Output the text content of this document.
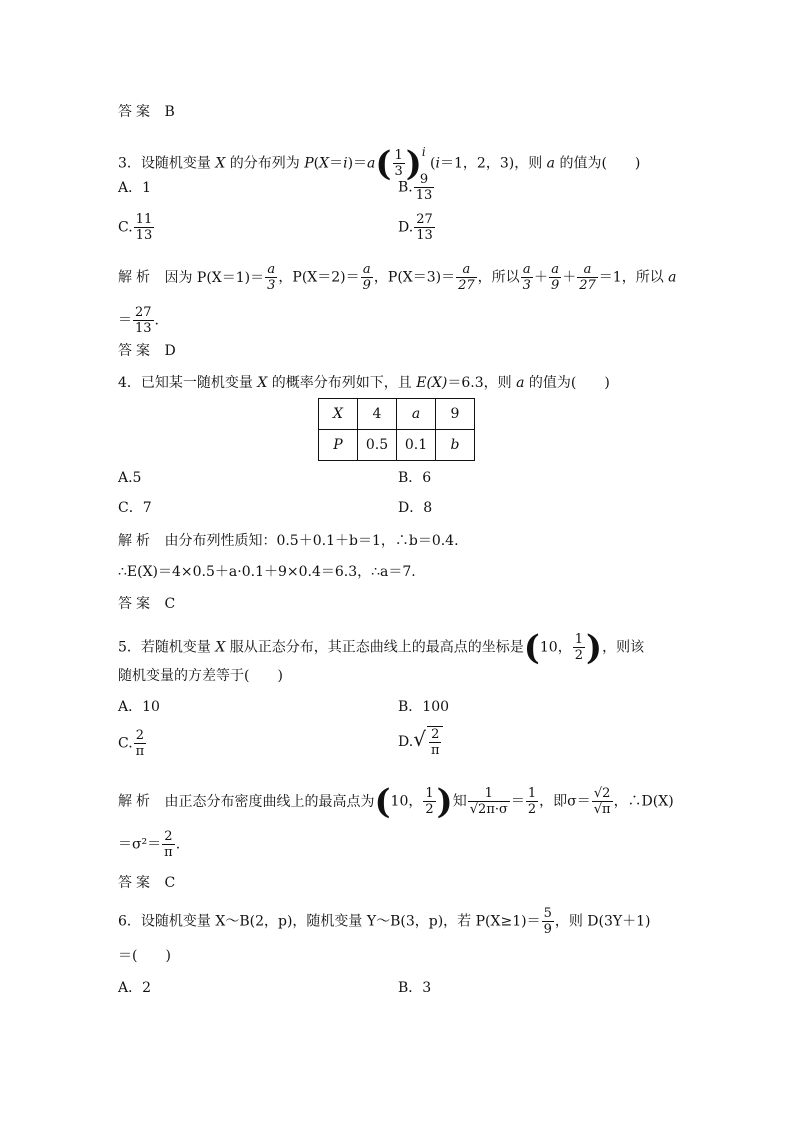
答案 B
3．设随机变量 X 的分布列为 $P(X=i)=a( \frac{1}{3} )^i$ (i＝1，2，3)，则 a 的值为(　　)
A．1	B. $\frac{9}{13}$
C. $\frac{11}{13}$	D. $\frac{27}{13}$
解析 因为 $P(X=1)= \frac{a}{3}$ ，$P(X=2)= \frac{a}{9}$ ，$P(X=3)= \frac{a}{27}$ ，所以 $\frac{a}{3} + \frac{a}{9} + \frac{a}{27} =1$，所以 a
＝ $\frac{27}{13}$ .
答案 D
4．已知某一随机变量 X 的概率分布列如下，且 E(X)＝6.3，则 a 的值为(　　)
X	4	a	9
P	0.5	0.1	b
A.5	B．6
C．7	D．8
解析 由分布列性质知：0.5＋0.1＋b＝1，∴b＝0.4.
∴E(X)＝4×0.5＋a·0.1＋9×0.4＝6.3，∴a＝7.
答案 C
5．若随机变量 X 服从正态分布，其正态曲线上的最高点的坐标是(10， $\frac{1}{2}$ )，则该
随机变量的方差等于(　　)
A．10	B．100
C. $\frac{2}{\pi}$	$D.√ \frac{2}{\pi}$
解析 由正态分布密度曲线上的最高点为(10， $\frac{1}{2}$ )知 $\frac{1}{√2\pi\cdot\sigma} = \frac{1}{2}$ ，即$\sigma= \frac{√2}{√\pi}$ ，∴D(X)
$=\sigma^2= \frac{2}{\pi}$ .
答案 C
6．设随机变量 X～B(2，p)，随机变量 Y～B(3，p)，若 $P(X\ge 1)= \frac{5}{9}$ ，则 D(3Y＋1)
＝(　　)
A．2	B．3
